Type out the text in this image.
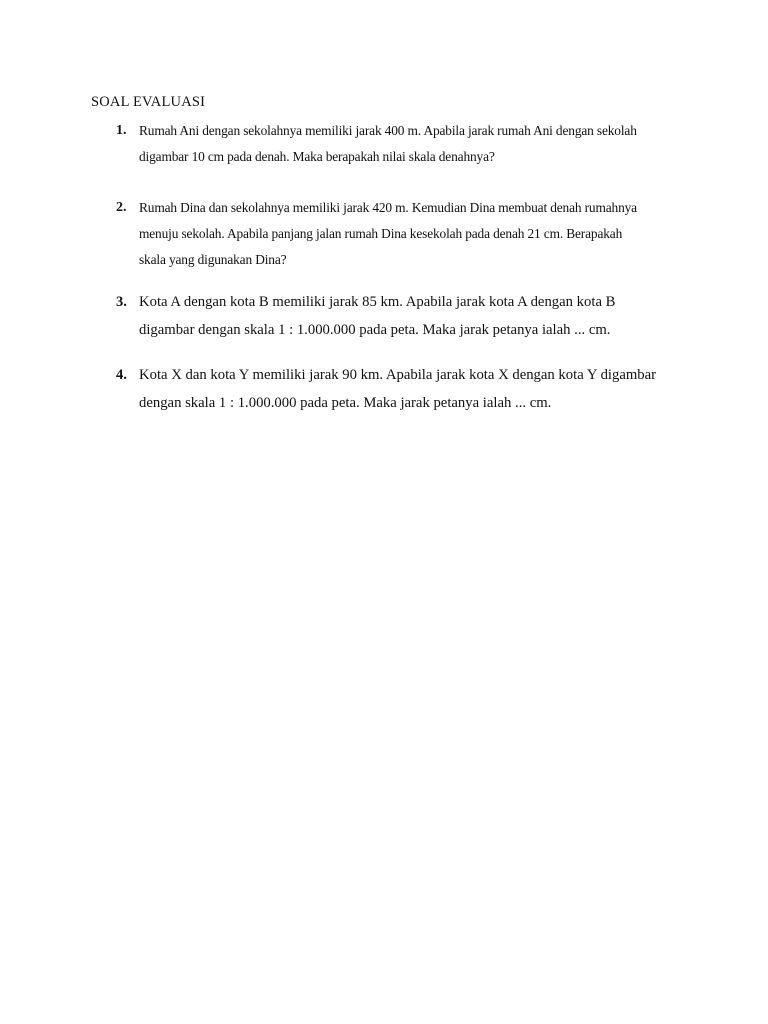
SOAL EVALUASI
1. Rumah Ani dengan sekolahnya memiliki jarak 400 m. Apabila jarak rumah Ani dengan sekolah
digambar 10 cm pada denah. Maka berapakah nilai skala denahnya?

2. Rumah Dina dan sekolahnya memiliki jarak 420 m. Kemudian Dina membuat denah rumahnya
menuju sekolah. Apabila panjang jalan rumah Dina kesekolah pada denah 21 cm. Berapakah
skala yang digunakan Dina?

3. Kota A dengan kota B memiliki jarak 85 km. Apabila jarak kota A dengan kota B
digambar dengan skala 1 : 1.000.000 pada peta. Maka jarak petanya ialah ... cm.

4. Kota X dan kota Y memiliki jarak 90 km. Apabila jarak kota X dengan kota Y digambar
dengan skala 1 : 1.000.000 pada peta. Maka jarak petanya ialah ... cm.
